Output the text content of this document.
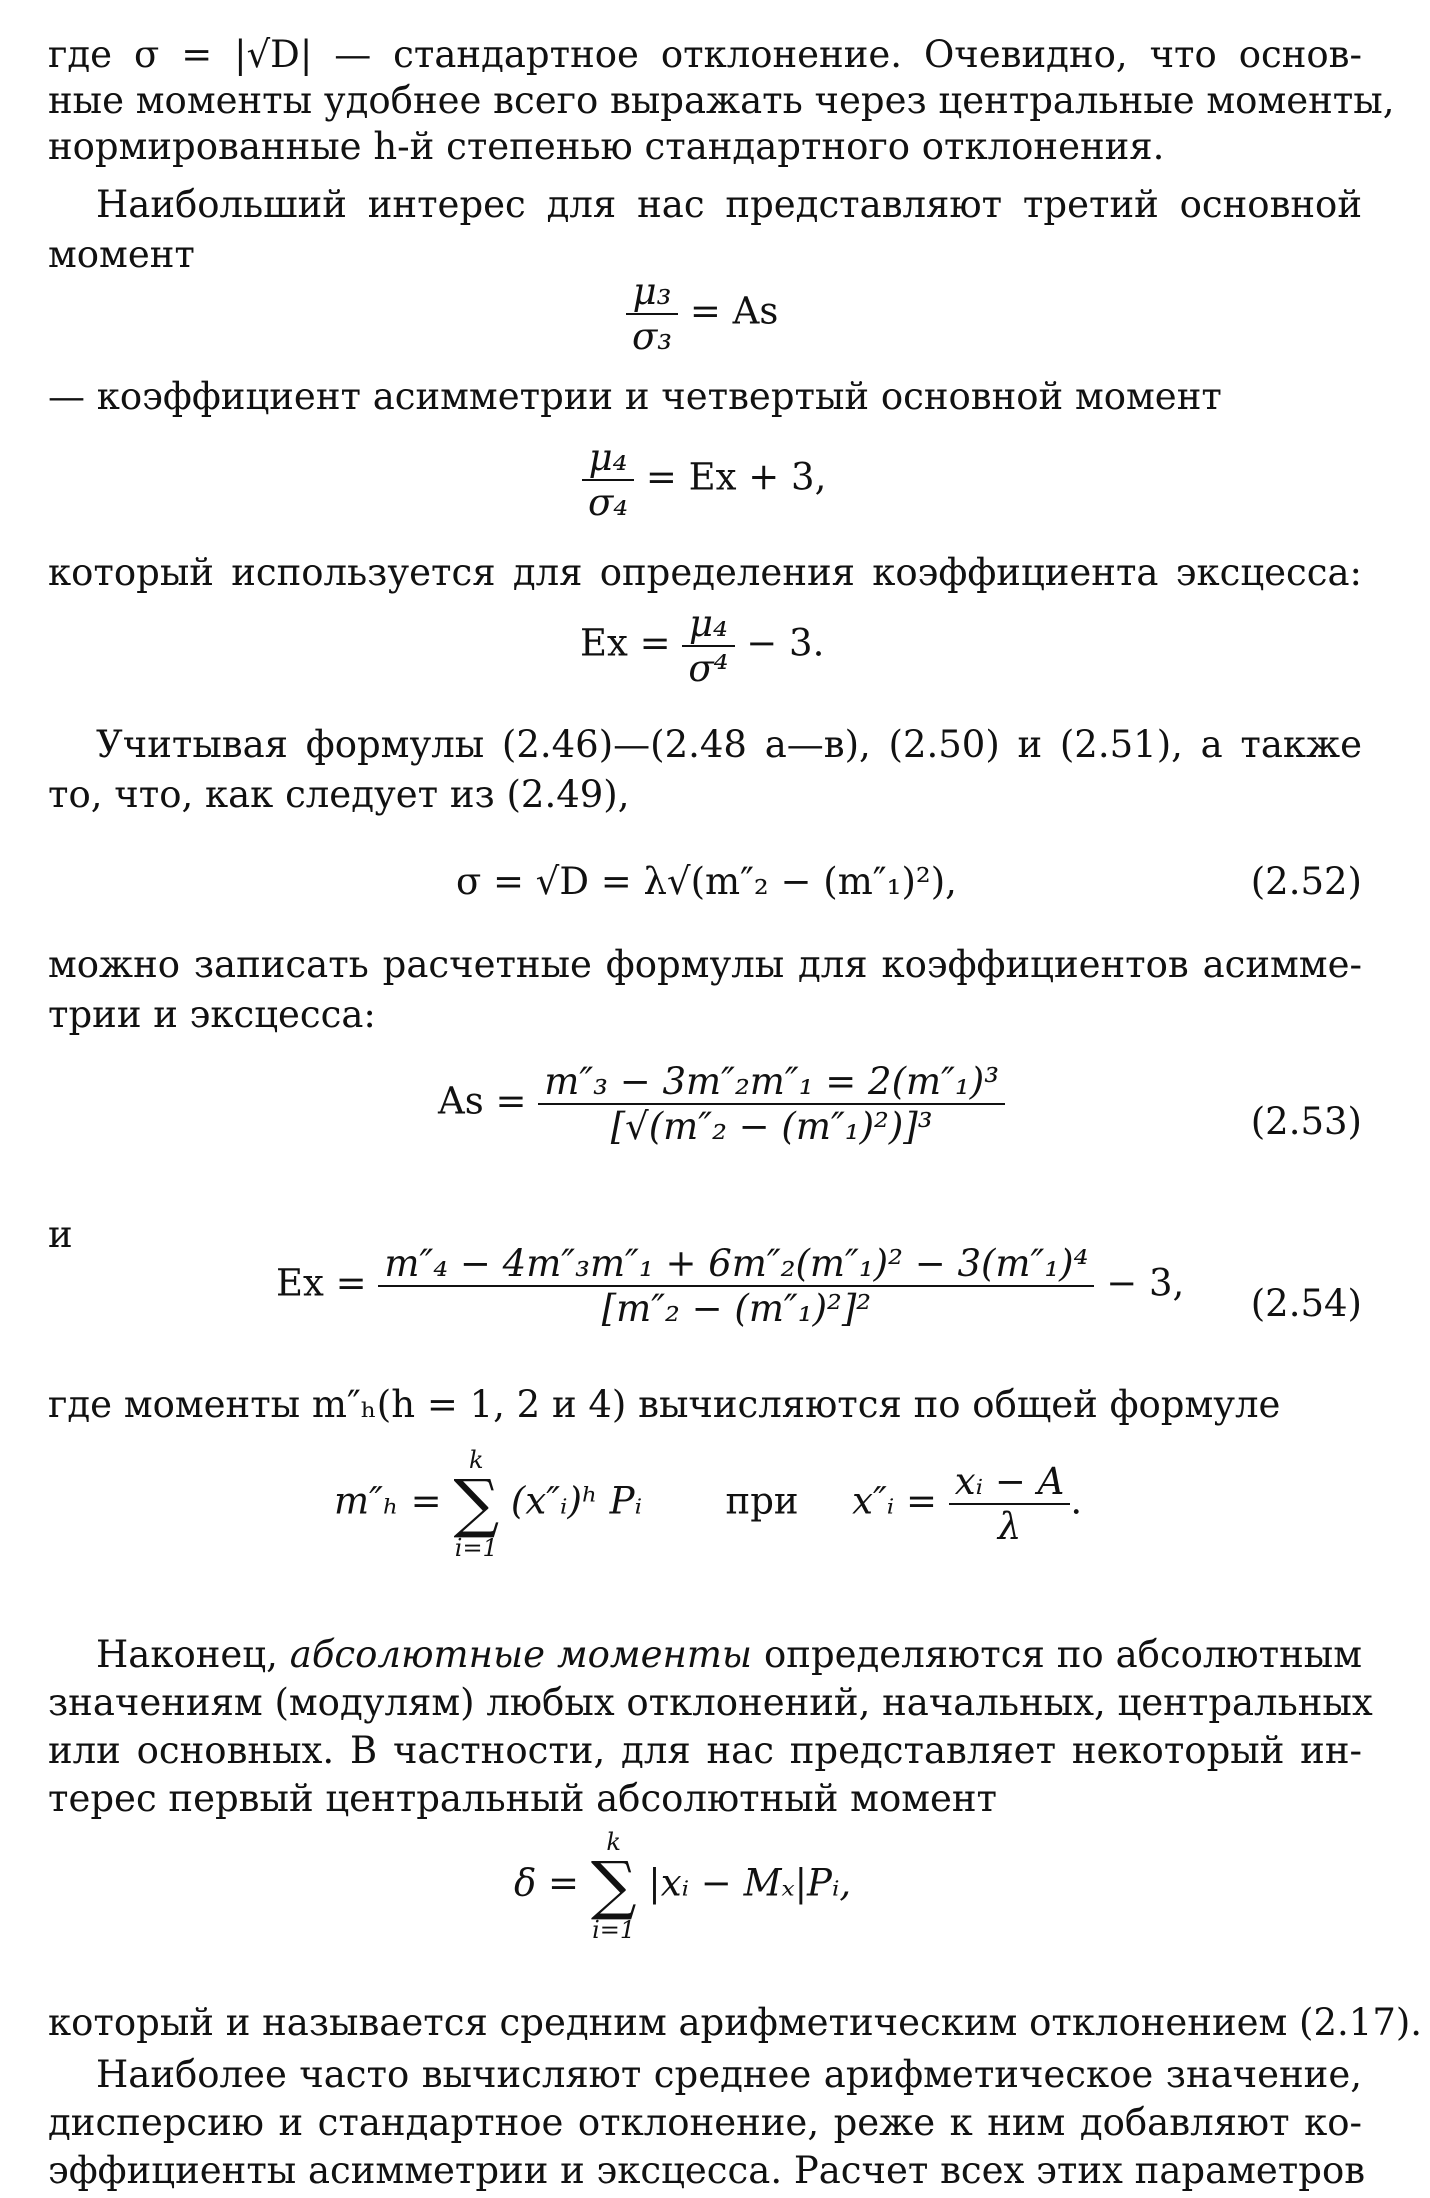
где σ = |√D| — стандартное отклонение. Очевидно, что основ-
ные моменты удобнее всего выражать через центральные моменты,
нормированные h-й степенью стандартного отклонения.
Наибольший интерес для нас представляют третий основной
момент
$\frac{\text{μ₃}}{\text{σ₃}} = As$
— коэффициент асимметрии и четвертый основной момент
$\frac{\text{μ₄}}{\text{σ₄}} = Ex + 3$,
который используется для определения коэффициента эксцесса:
$Ex = \frac{\text{μ₄}}{\text{σ⁴}} - 3$.
Учитывая формулы (2.46)—(2.48 а—в), (2.50) и (2.51), а также
то, что, как следует из (2.49),
σ = √D = λ√(m″₂ − (m″₁)²),	(2.52)
можно записать расчетные формулы для коэффициентов асимме-
трии и эксцесса:
$As = \frac{\text{m″₃ − 3m″₂m″₁ = 2(m″₁)³}}{\text{[√(m″₂ − (m″₁)²)]³}}$	(2.53)
и
$Ex = \frac{\text{m″₄ − 4m″₃m″₁ + 6m″₂(m″₁)² − 3(m″₁)⁴}}{\text{[m″₂ − (m″₁)²]²}} - 3$, (2.54)
где моменты m″ₕ(h = 1, 2 и 4) вычисляются по общей формуле
m″ₕ =
k
∑
i=1
(x″ᵢ)ʰ Pᵢ при x″ᵢ = $\frac{\text{xᵢ − A}}{\lambda}$ .
Наконец, абсолютные моменты определяются по абсолютным
значениям (модулям) любых отклонений, начальных, центральных
или основных. В частности, для нас представляет некоторый ин-
терес первый центральный абсолютный момент
δ =
k
∑
i=1
|xᵢ − Mₓ|Pᵢ,
который и называется средним арифметическим отклонением (2.17).
Наиболее часто вычисляют среднее арифметическое значение,
дисперсию и стандартное отклонение, реже к ним добавляют ко-
эффициенты асимметрии и эксцесса. Расчет всех этих параметров
